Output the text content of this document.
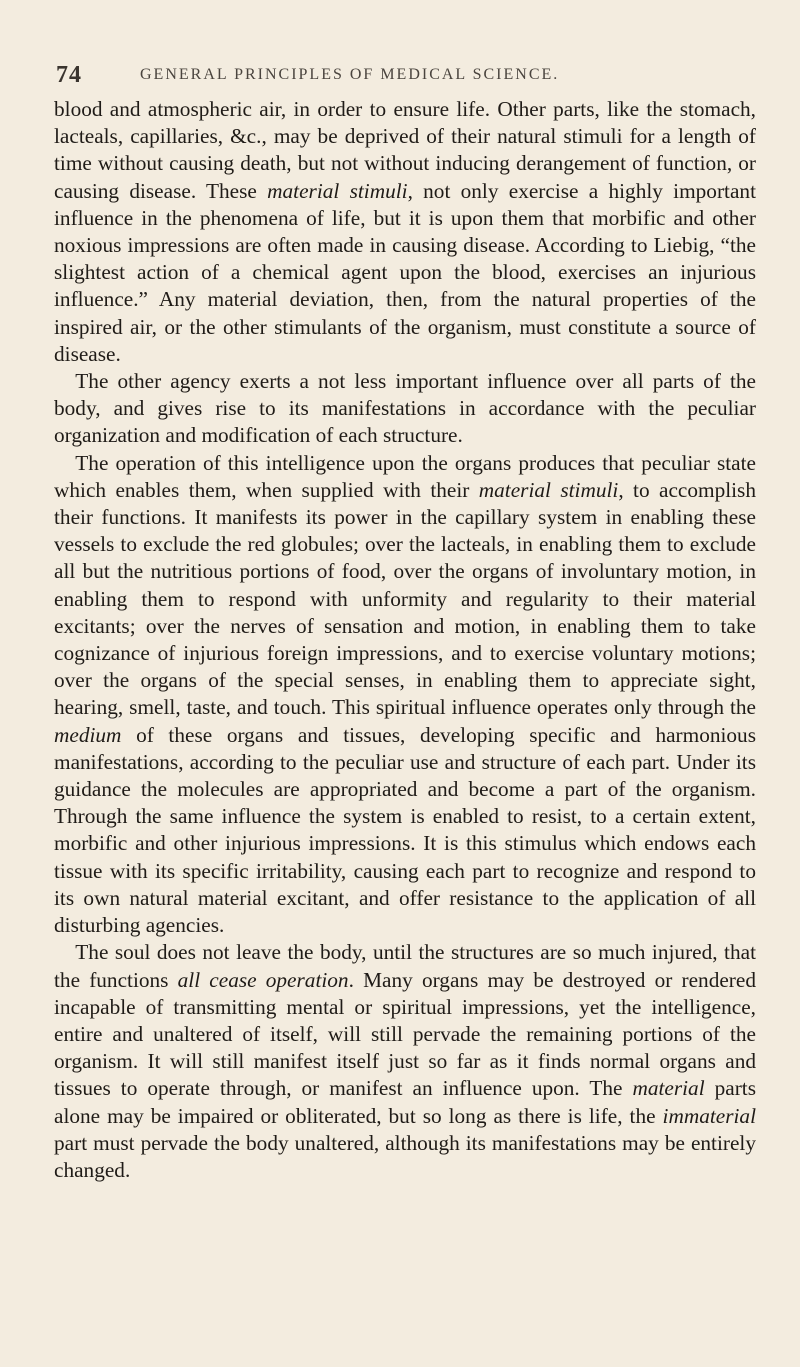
74	GENERAL PRINCIPLES OF MEDICAL SCIENCE.

blood and atmospheric air, in order to ensure life. Other parts, like the stomach, lacteals, capillaries, &c., may be deprived of their natural stimuli for a length of time without causing death, but not without inducing derangement of function, or causing disease. These material stimuli, not only exercise a highly important influence in the phenomena of life, but it is upon them that morbific and other noxious impressions are often made in causing disease. According to Liebig, “the slightest action of a chemical agent upon the blood, exercises an injurious influence.” Any material deviation, then, from the natural properties of the inspired air, or the other stimulants of the organism, must constitute a source of disease.

The other agency exerts a not less important influence over all parts of the body, and gives rise to its manifestations in accordance with the peculiar organization and modification of each structure.

The operation of this intelligence upon the organs produces that peculiar state which enables them, when supplied with their material stimuli, to accomplish their functions. It manifests its power in the capillary system in enabling these vessels to exclude the red globules; over the lacteals, in enabling them to exclude all but the nutritious portions of food, over the organs of involuntary motion, in enabling them to respond with unformity and regularity to their material excitants; over the nerves of sensation and motion, in enabling them to take cognizance of injurious foreign impressions, and to exercise voluntary motions; over the organs of the special senses, in enabling them to appreciate sight, hearing, smell, taste, and touch. This spiritual influence operates only through the medium of these organs and tissues, developing specific and harmonious manifestations, according to the peculiar use and structure of each part. Under its guidance the molecules are appropriated and become a part of the organism. Through the same influence the system is enabled to resist, to a certain extent, morbific and other injurious impressions. It is this stimulus which endows each tissue with its specific irritability, causing each part to recognize and respond to its own natural material excitant, and offer resistance to the application of all disturbing agencies.

The soul does not leave the body, until the structures are so much injured, that the functions all cease operation. Many organs may be destroyed or rendered incapable of transmitting mental or spiritual impressions, yet the intelligence, entire and unaltered of itself, will still pervade the remaining portions of the organism. It will still manifest itself just so far as it finds normal organs and tissues to operate through, or manifest an influence upon. The material parts alone may be impaired or obliterated, but so long as there is life, the immaterial part must pervade the body unaltered, although its manifestations may be entirely changed.
